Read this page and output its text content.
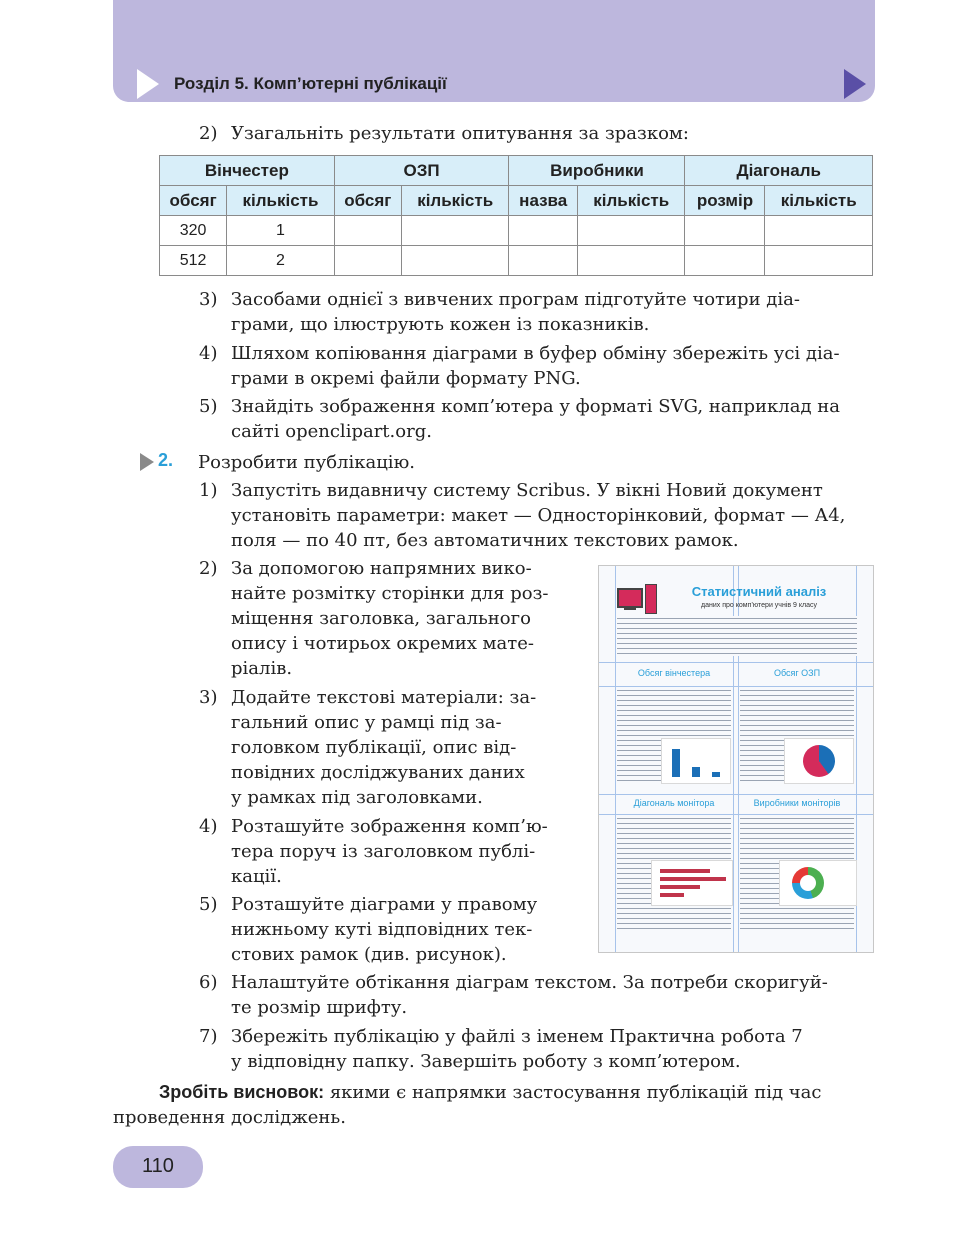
Розділ 5. Комп’ютерні публікації
2) Узагальніть результати опитування за зразком:
Вінчестер		ОЗП		Виробники		Діагональ	
обсяг	кількість	обсяг	кількість	назва	кількість	розмір	кількість
320	1						
512	2						
3) Засобами однієї з вивчених програм підготуйте чотири діа-
грами, що ілюструють кожен із показників.
4) Шляхом копіювання діаграми в буфер обміну збережіть усі діа-
грами в окремі файли формату PNG.
5) Знайдіть зображення комп’ютера у форматі SVG, наприклад на
сайті openclipart.org.
2. Розробити публікацію.
1) Запустіть видавничу систему Scribus. У вікні Новий документ
установіть параметри: макет — Односторінковий, формат — А4,
поля — по 40 пт, без автоматичних текстових рамок.
2) За допомогою напрямних вико-
найте розмітку сторінки для роз-
міщення заголовка, загального
опису і чотирьох окремих мате-
ріалів.
3) Додайте текстові матеріали: за-
гальний опис у рамці під за-
головком публікації, опис від-
повідних досліджуваних даних
у рамках під заголовками.
4) Розташуйте зображення комп’ю-
тера поруч із заголовком публі-
кації.
5) Розташуйте діаграми у правому
нижньому куті відповідних тек-
стових рамок (див. рисунок).
6) Налаштуйте обтікання діаграм текстом. За потреби скоригуй-
те розмір шрифту.
7) Збережіть публікацію у файлі з іменем Практична робота 7
у відповідну папку. Завершіть роботу з комп’ютером.
Зробіть висновок: якими є напрямки застосування публікацій під час
проведення досліджень.
Статистичний аналіз
даних про комп’ютери учнів 9 класу
Обсяг вінчестера	Обсяг ОЗП
Діагональ монітора	Виробники моніторів
110
